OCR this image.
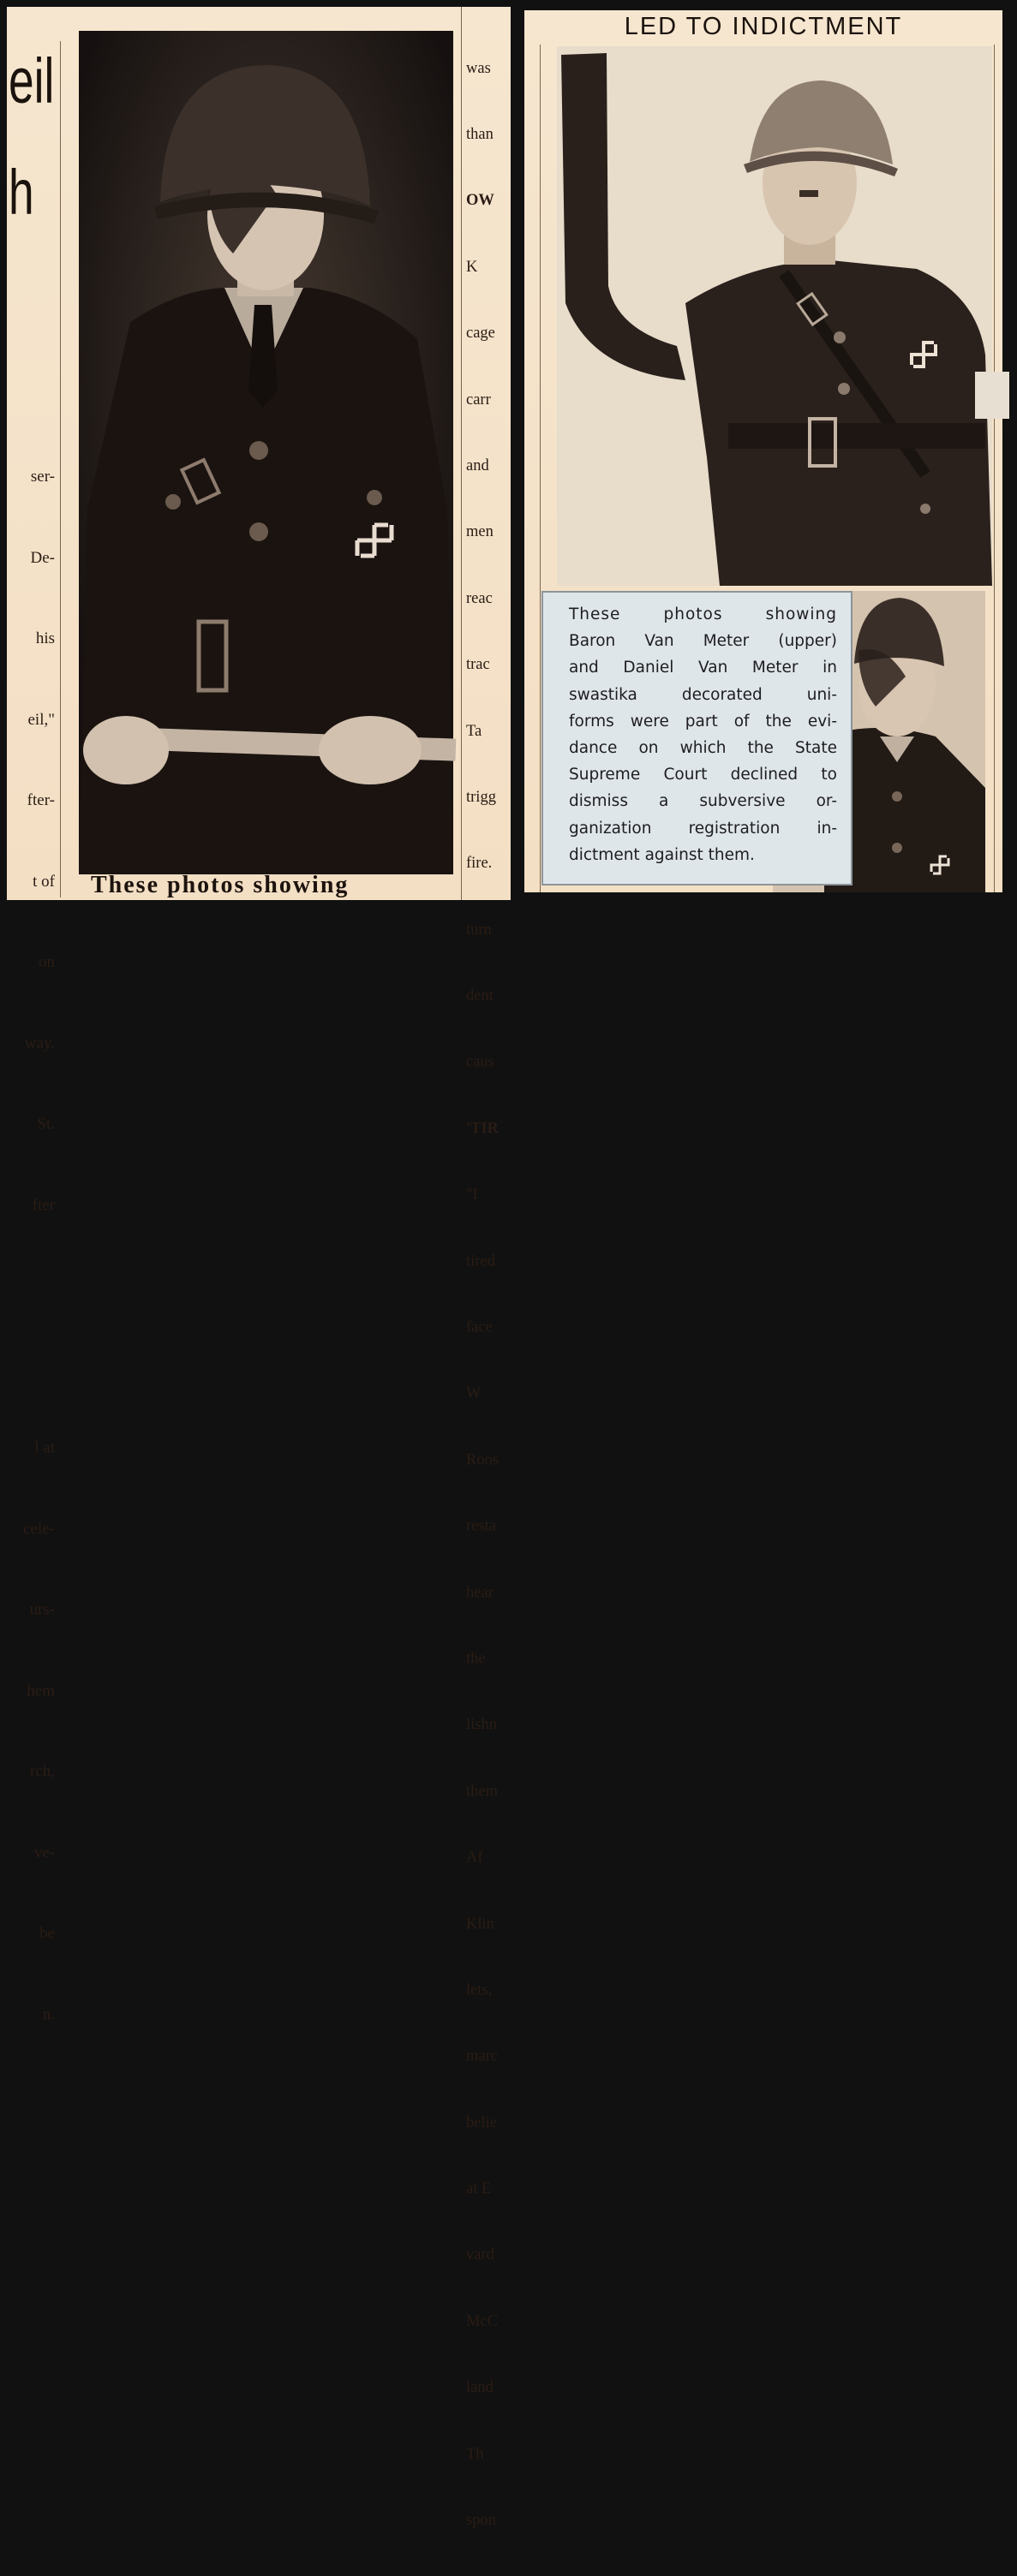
eil
h

ser-

De-

his

eil,"

fter-

t of

on

way.

St.

fter

l at

cele-

urs-

hem

rch,

ve-

be

n.

These photos showing

was

than

OW

K

cage

carr

and

men

reac

trac

Ta

trigg

fire.

turn

dent

caus

'TIR

"I

tired

face

W

Roos

resta

hear

the

lishn

them

Af

Klin

lets,

marc

belie

at E

vard

McC

land

Th

spon

LED TO INDICTMENT
These photos showing
Baron Van Meter (upper)
and Daniel Van Meter in
swastika decorated uni-
forms were part of the evi-
dance on which the State
Supreme Court declined to
dismiss a subversive or-
ganization registration in-
dictment against them.
